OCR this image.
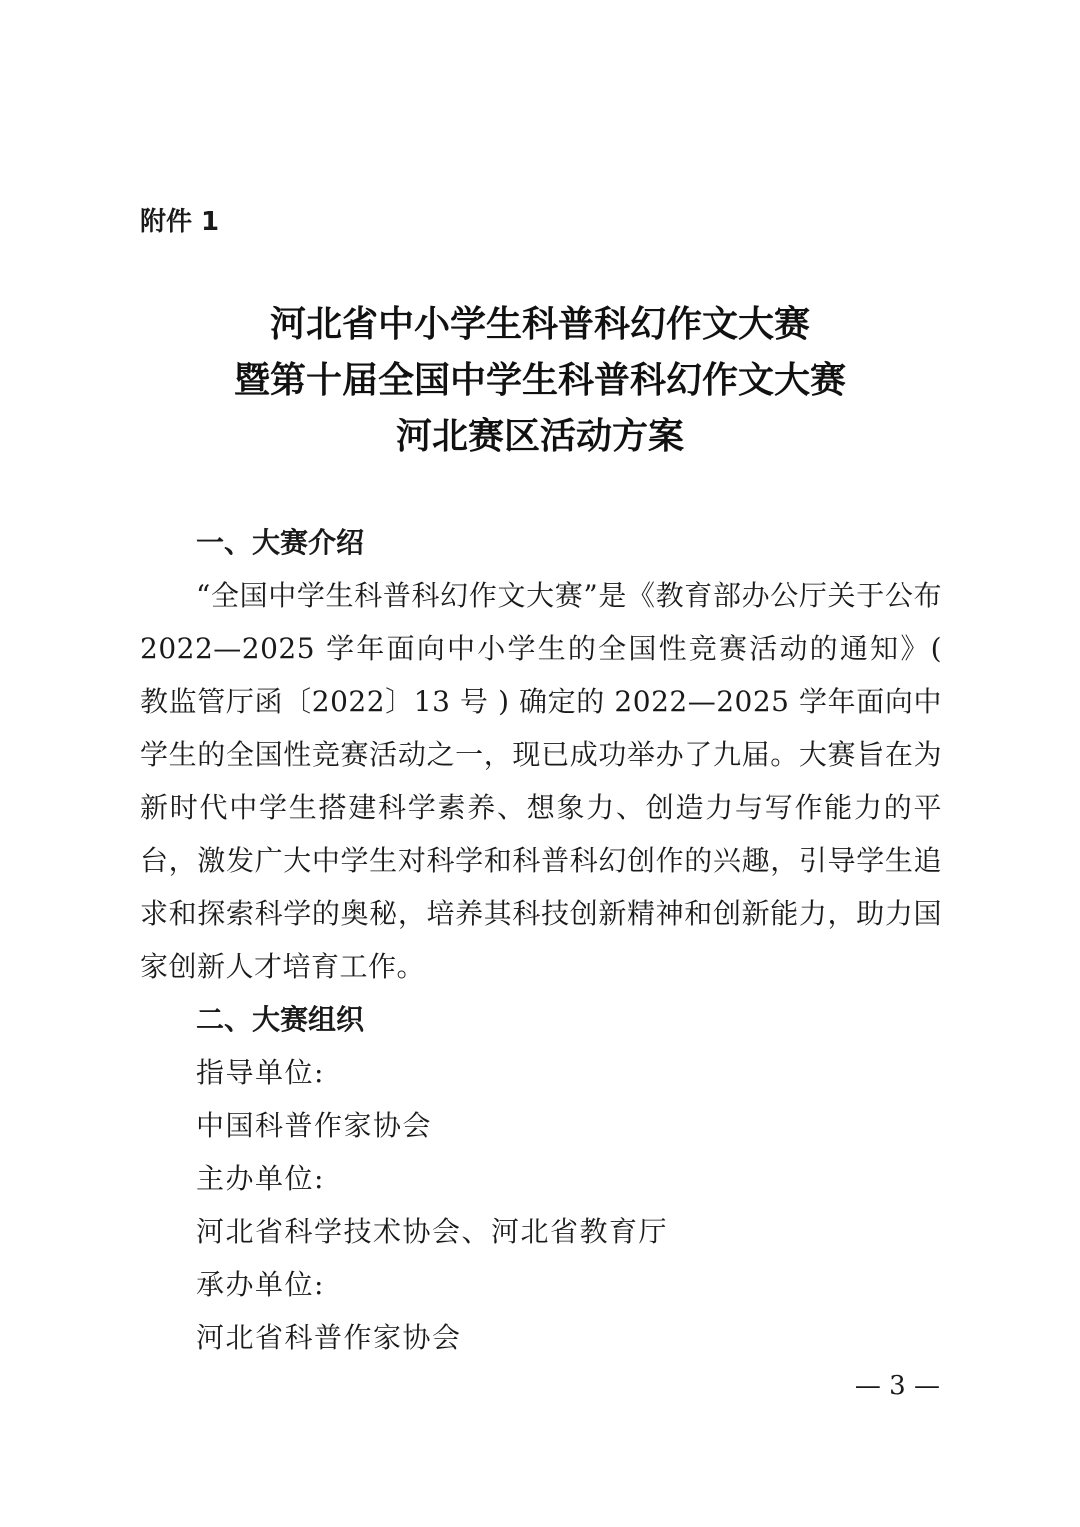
附件 1
河北省中小学生科普科幻作文大赛
暨第十届全国中学生科普科幻作文大赛
河北赛区活动方案
一、大赛介绍

“全国中学生科普科幻作文大赛”是《教育部办公厅关于公布 2022—2025 学年面向中小学生的全国性竞赛活动的通知》( 教监管厅函〔2022〕13 号 ) 确定的 2022—2025 学年面向中学生的全国性竞赛活动之一，现已成功举办了九届。大赛旨在为新时代中学生搭建科学素养、想象力、创造力与写作能力的平台，激发广大中学生对科学和科普科幻创作的兴趣，引导学生追求和探索科学的奥秘，培养其科技创新精神和创新能力，助力国家创新人才培育工作。

二、大赛组织
指导单位:
中国科普作家协会
主办单位:
河北省科学技术协会、河北省教育厅
承办单位:
河北省科普作家协会
— 3 —
